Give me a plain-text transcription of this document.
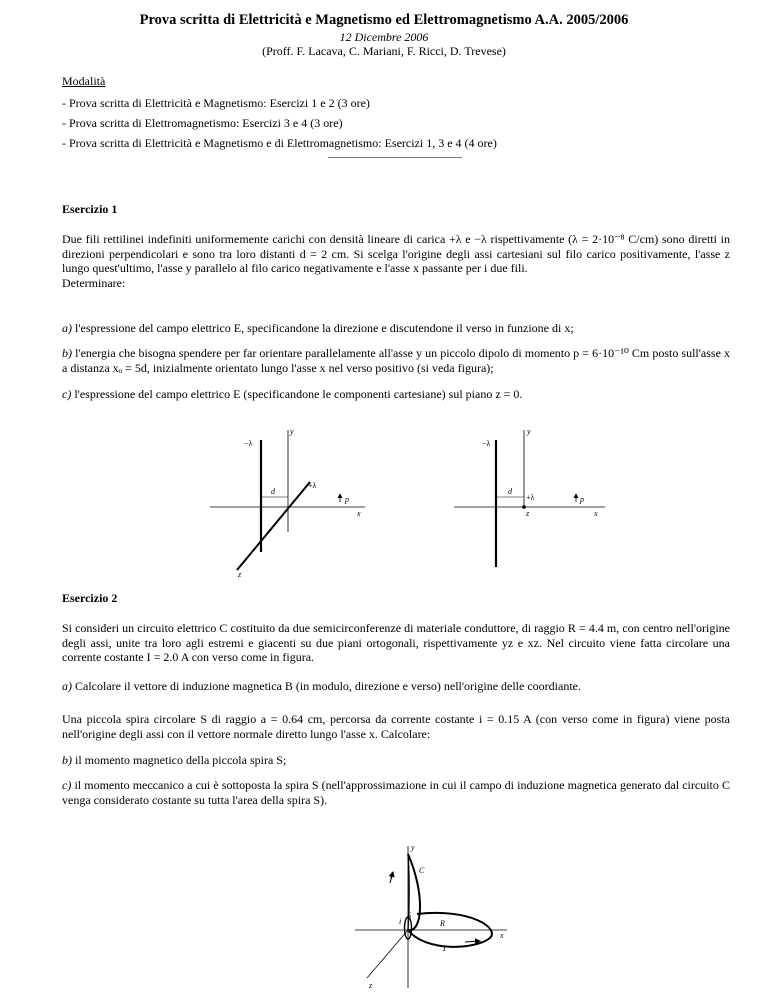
Prova scritta di Elettricità e Magnetismo ed Elettromagnetismo A.A. 2005/2006
12 Dicembre 2006
(Proff. F. Lacava, C. Mariani, F. Ricci, D. Trevese)
Modalità
- Prova scritta di Elettricità e Magnetismo: Esercizi 1 e 2 (3 ore)
- Prova scritta di Elettromagnetismo: Esercizi 3 e 4 (3 ore)
- Prova scritta di Elettricità e Magnetismo e di Elettromagnetismo: Esercizi 1, 3 e 4 (4 ore)
Esercizio 1
Due fili rettilinei indefiniti uniformemente carichi con densità lineare di carica +λ e −λ rispettivamente (λ = 2·10⁻⁸ C/cm) sono diretti in direzioni perpendicolari e sono tra loro distanti d = 2 cm. Si scelga l'origine degli assi cartesiani sul filo carico positivamente, l'asse z lungo quest'ultimo, l'asse y parallelo al filo carico negativamente e l'asse x passante per i due fili.
Determinare:
a) l'espressione del campo elettrico E, specificandone la direzione e discutendone il verso in funzione di x;
b) l'energia che bisogna spendere per far orientare parallelamente all'asse y un piccolo dipolo di momento p = 6·10⁻¹⁰ Cm posto sull'asse x a distanza xₒ = 5d, inizialmente orientato lungo l'asse x nel verso positivo (si veda figura);
c) l'espressione del campo elettrico E (specificandone le componenti cartesiane) sul piano z = 0.
y
−λ
+λ
d
p⃗
x
z
y
−λ
+λ
d
p⃗
x
z
Esercizio 2
Si consideri un circuito elettrico C costituito da due semicirconferenze di materiale conduttore, di raggio R = 4.4 m, con centro nell'origine degli assi, unite tra loro agli estremi e giacenti su due piani ortogonali, rispettivamente yz e xz. Nel circuito viene fatta circolare una corrente costante I = 2.0 A con verso come in figura.
a) Calcolare il vettore di induzione magnetica B (in modulo, direzione e verso) nell'origine delle coordiante.
Una piccola spira circolare S di raggio a = 0.64 cm, percorsa da corrente costante i = 0.15 A (con verso come in figura) viene posta nell'origine degli assi con il vettore normale diretto lungo l'asse x. Calcolare:
b) il momento magnetico della piccola spira S;
c) il momento meccanico a cui è sottoposta la spira S (nell'approssimazione in cui il campo di induzione magnetica generato dal circuito C venga considerato costante su tutta l'area della spira S).
y
x
z
I
C
i
S
R
I
